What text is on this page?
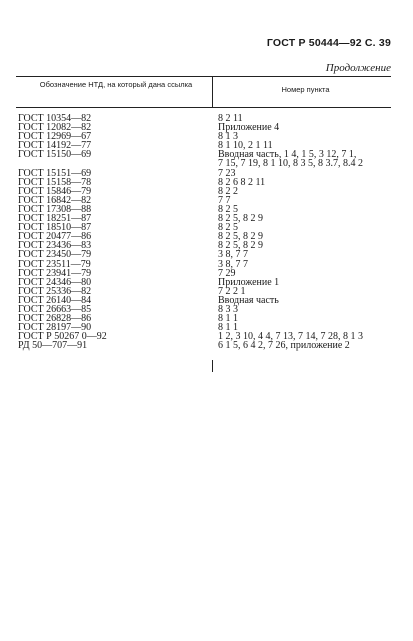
ГОСТ Р 50444—92 С. 39
Продолжение
Обозначение НТД, на который дана ссылка
Номер пункта
ГОСТ 10354—82	8 2 11
ГОСТ 12082—82	Приложение 4
ГОСТ 12969—67	8 1 3
ГОСТ 14192—77	8 1 10, 2 1 11
ГОСТ 15150—69	Вводная часть, 1 4, 1 5, 3 12, 7 1,
7 15, 7 19, 8 1 10, 8 3 5, 8 3.7, 8.4 2
ГОСТ 15151—69	7 23
ГОСТ 15158—78	8 2 6 8 2 11
ГОСТ 15846—79	8 2 2
ГОСТ 16842—82	7 7
ГОСТ 17308—88	8 2 5
ГОСТ 18251—87	8 2 5, 8 2 9
ГОСТ 18510—87	8 2 5
ГОСТ 20477—86	8 2 5, 8 2 9
ГОСТ 23436—83	8 2 5, 8 2 9
ГОСТ 23450—79	3 8, 7 7
ГОСТ 23511—79	3 8, 7 7
ГОСТ 23941—79	7 29
ГОСТ 24346—80	Приложение 1
ГОСТ 25336—82	7 2 2 1
ГОСТ 26140—84	Вводная часть
ГОСТ 26663—85	8 3 3
ГОСТ 26828—86	8 1 1
ГОСТ 28197—90	8 1 1
ГОСТ Р 50267 0—92	1 2, 3 10, 4 4, 7 13, 7 14, 7 28, 8 1 3
РД 50—707—91	6 1 5, 6 4 2, 7 26, приложение 2
